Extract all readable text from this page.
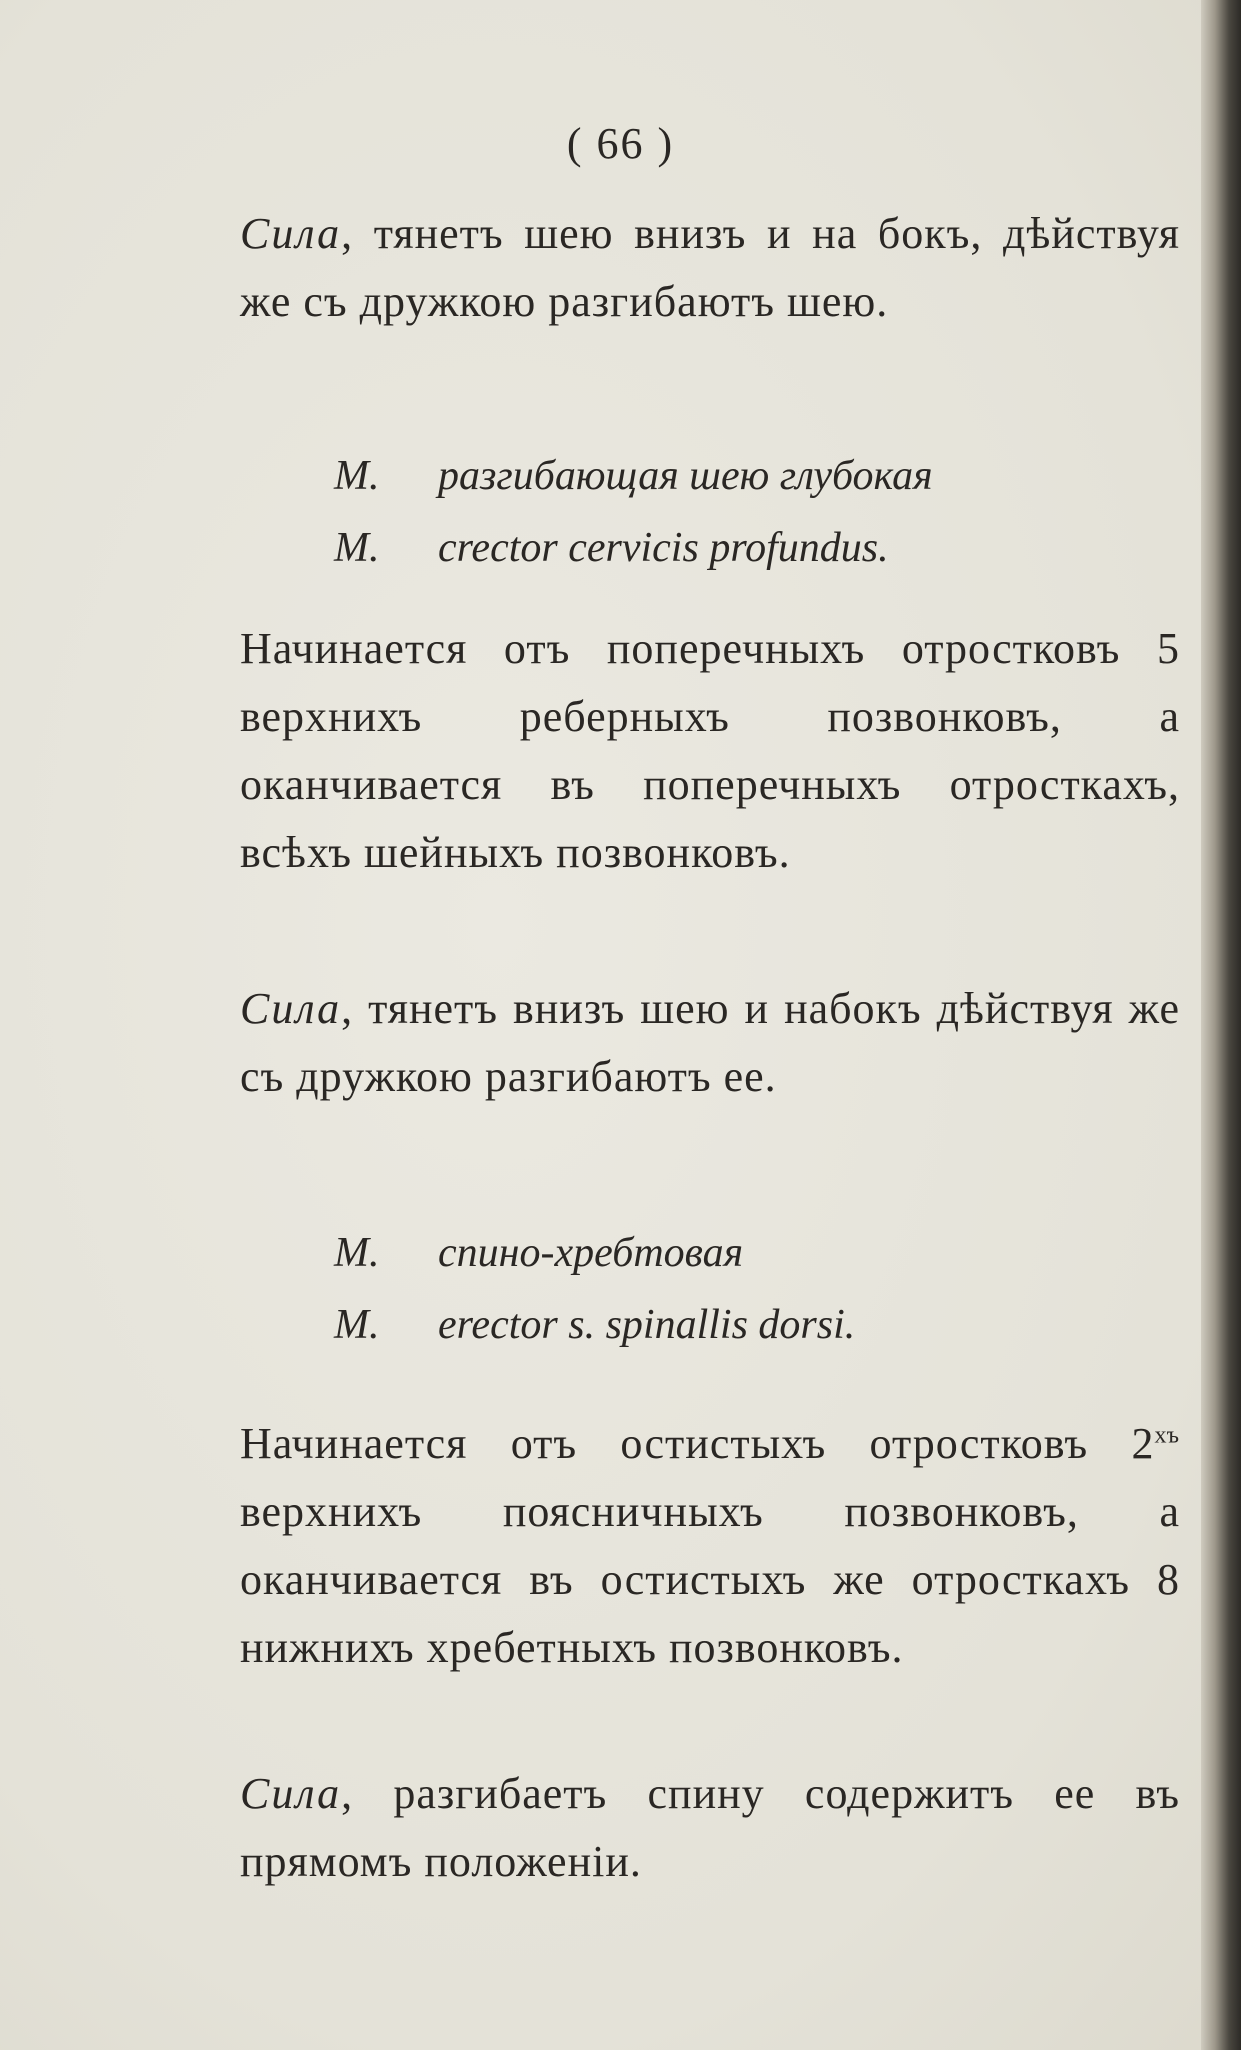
( 66 )
Сила, тянетъ шею внизъ и на бокъ, дѣйствуя же съ дружкою разгибаютъ шею.
М. разгибающая шею глубокая
M. crector cervicis profundus.
Начинается отъ поперечныхъ отростковъ 5 верхнихъ реберныхъ позвонковъ, а оканчивается въ поперечныхъ отросткахъ, всѣхъ шейныхъ позвонковъ.
Сила, тянетъ внизъ шею и набокъ дѣйствуя же съ дружкою разгибаютъ ее.
М. спино-хребтовая
M. erector s. spinallis dorsi.
Начинается отъ остистыхъ отростковъ $2^{хъ}$ верхнихъ поясничныхъ позвонковъ, а оканчивается въ остистыхъ же отросткахъ 8 нижнихъ хребетныхъ позвонковъ.
Сила, разгибаетъ спину содержитъ ее въ прямомъ положенiи.
